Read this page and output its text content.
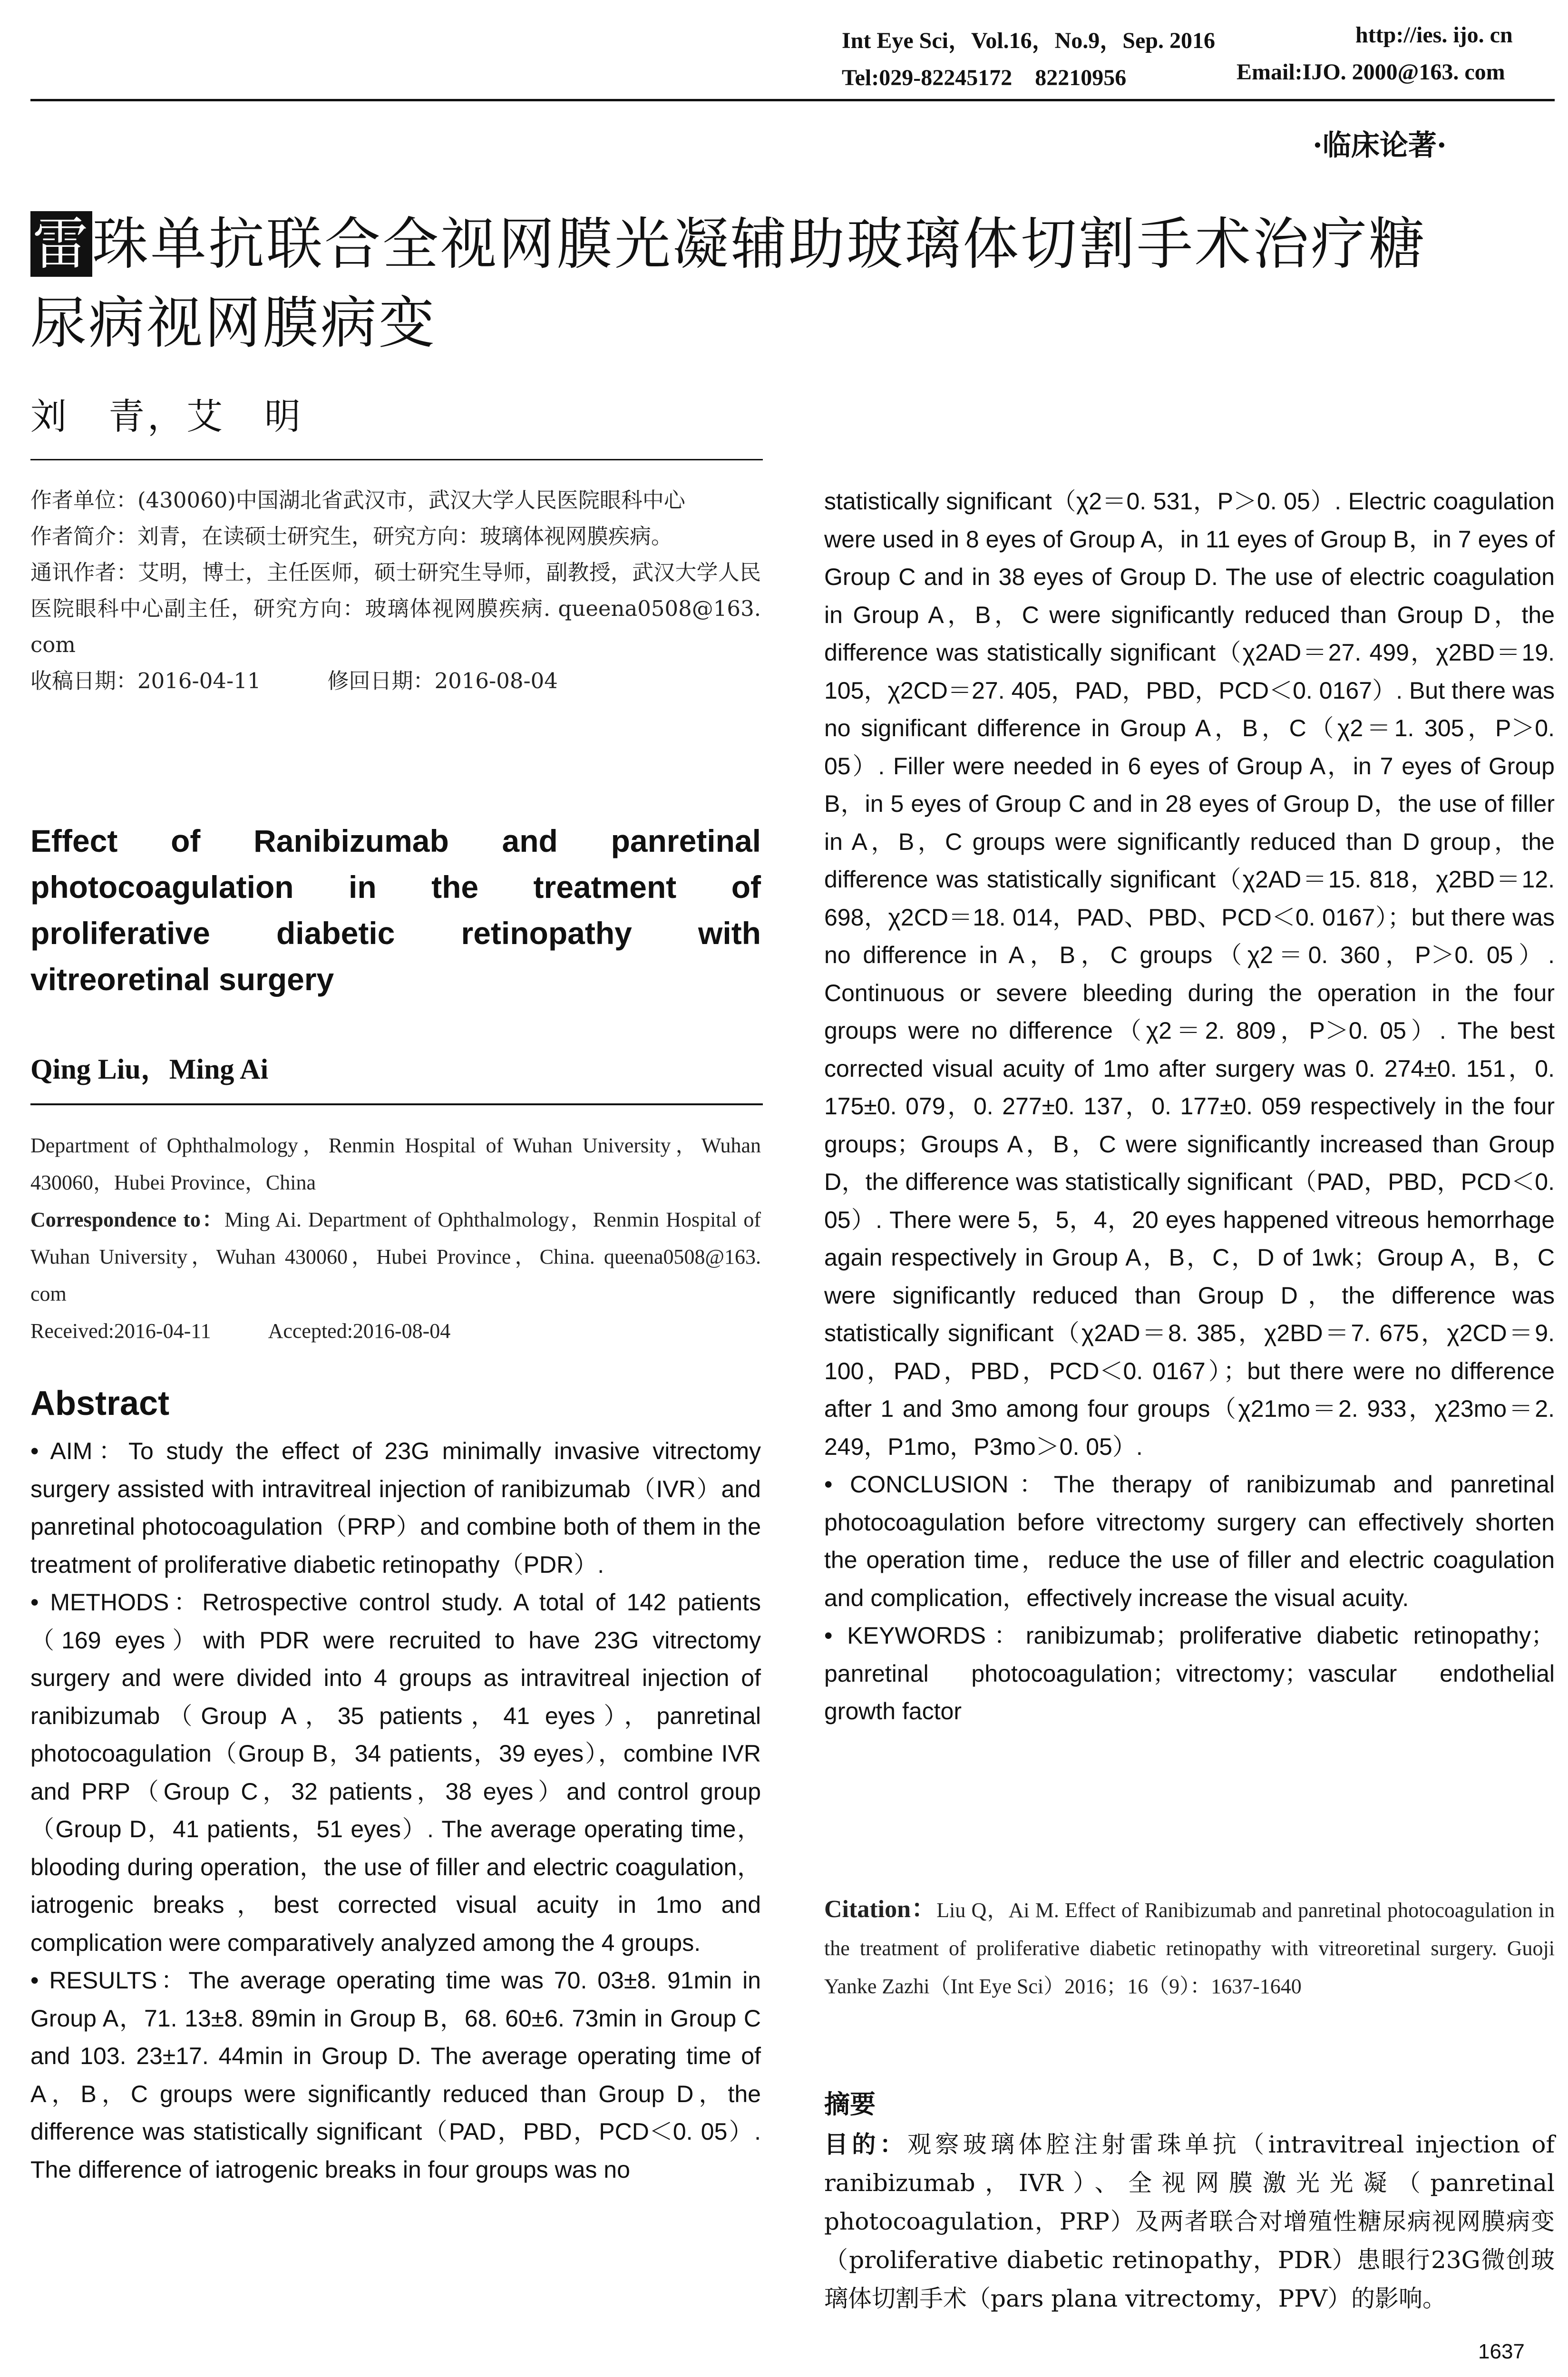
Int Eye Sci，Vol.16，No.9，Sep. 2016	http://ies. ijo. cn
Tel:029-82245172　82210956	Email:IJO. 2000@163. com
·临床论著·
雷珠单抗联合全视网膜光凝辅助玻璃体切割手术治疗糖
尿病视网膜病变
刘　青，艾　明

作者单位：(430060)中国湖北省武汉市，武汉大学人民医院眼科中心

作者简介：刘青，在读硕士研究生，研究方向：玻璃体视网膜疾病。

通讯作者：艾明，博士，主任医师，硕士研究生导师，副教授，武汉大学人民医院眼科中心副主任，研究方向：玻璃体视网膜疾病. queena0508@163. com

收稿日期：2016-04-11	修回日期：2016-08-04

Effect of Ranibizumab and panretinal
photocoagulation in the treatment of
proliferative diabetic retinopathy with
vitreoretinal surgery
Qing Liu，Ming Ai

Department of Ophthalmology，Renmin Hospital of Wuhan University，Wuhan 430060，Hubei Province，China

Correspondence to：Ming Ai. Department of Ophthalmology，Renmin Hospital of Wuhan University，Wuhan 430060，Hubei Province，China. queena0508@163. com

Received:2016-04-11	Accepted:2016-08-04

Abstract

• AIM：To study the effect of 23G minimally invasive vitrectomy surgery assisted with intravitreal injection of ranibizumab（IVR）and panretinal photocoagulation（PRP）and combine both of them in the treatment of proliferative diabetic retinopathy（PDR）.

• METHODS：Retrospective control study. A total of 142 patients（169 eyes）with PDR were recruited to have 23G vitrectomy surgery and were divided into 4 groups as intravitreal injection of ranibizumab（Group A，35 patients，41 eyes），panretinal photocoagulation（Group B，34 patients，39 eyes），combine IVR and PRP（Group C，32 patients，38 eyes）and control group（Group D，41 patients，51 eyes）. The average operating time，blooding during operation，the use of filler and electric coagulation，iatrogenic breaks，best corrected visual acuity in 1mo and complication were comparatively analyzed among the 4 groups.

• RESULTS：The average operating time was 70. 03±8. 91min in Group A，71. 13±8. 89min in Group B，68. 60±6. 73min in Group C and 103. 23±17. 44min in Group D. The average operating time of A，B，C groups were significantly reduced than Group D，the difference was statistically significant（PAD，PBD，PCD＜0. 05）. The difference of iatrogenic breaks in four groups was no

statistically significant（χ2＝0. 531，P＞0. 05）. Electric coagulation were used in 8 eyes of Group A，in 11 eyes of Group B，in 7 eyes of Group C and in 38 eyes of Group D. The use of electric coagulation in Group A，B，C were significantly reduced than Group D，the difference was statistically significant（χ2AD＝27. 499，χ2BD＝19. 105，χ2CD＝27. 405，PAD，PBD，PCD＜0. 0167）. But there was no significant difference in Group A，B，C（χ2＝1. 305，P＞0. 05）. Filler were needed in 6 eyes of Group A，in 7 eyes of Group B，in 5 eyes of Group C and in 28 eyes of Group D，the use of filler in A，B，C groups were significantly reduced than D group，the difference was statistically significant（χ2AD＝15. 818，χ2BD＝12. 698，χ2CD＝18. 014，PAD、PBD、PCD＜0. 0167）；but there was no difference in A，B，C groups（χ2＝0. 360，P＞0. 05）. Continuous or severe bleeding during the operation in the four groups were no difference（χ2＝2. 809，P＞0. 05）. The best corrected visual acuity of 1mo after surgery was 0. 274±0. 151，0. 175±0. 079，0. 277±0. 137，0. 177±0. 059 respectively in the four groups；Groups A，B，C were significantly increased than Group D，the difference was statistically significant（PAD，PBD，PCD＜0. 05）. There were 5，5，4，20 eyes happened vitreous hemorrhage again respectively in Group A，B，C，D of 1wk；Group A，B，C were significantly reduced than Group D，the difference was statistically significant（χ2AD＝8. 385，χ2BD＝7. 675，χ2CD＝9. 100，PAD，PBD，PCD＜0. 0167）；but there were no difference after 1 and 3mo among four groups（χ21mo＝2. 933，χ23mo＝2. 249，P1mo，P3mo＞0. 05）.

• CONCLUSION：The therapy of ranibizumab and panretinal photocoagulation before vitrectomy surgery can effectively shorten the operation time，reduce the use of filler and electric coagulation and complication，effectively increase the visual acuity.

• KEYWORDS：ranibizumab；proliferative diabetic retinopathy；panretinal photocoagulation；vitrectomy；vascular endothelial growth factor

Citation：Liu Q，Ai M. Effect of Ranibizumab and panretinal photocoagulation in the treatment of proliferative diabetic retinopathy with vitreoretinal surgery. Guoji Yanke Zazhi（Int Eye Sci）2016；16（9）：1637-1640
摘要
目的：观察玻璃体腔注射雷珠单抗（intravitreal injection of ranibizumab，IVR）、全视网膜激光光凝（panretinal photocoagulation，PRP）及两者联合对增殖性糖尿病视网膜病变（proliferative diabetic retinopathy，PDR）患眼行23G微创玻璃体切割手术（pars plana vitrectomy，PPV）的影响。
1637
